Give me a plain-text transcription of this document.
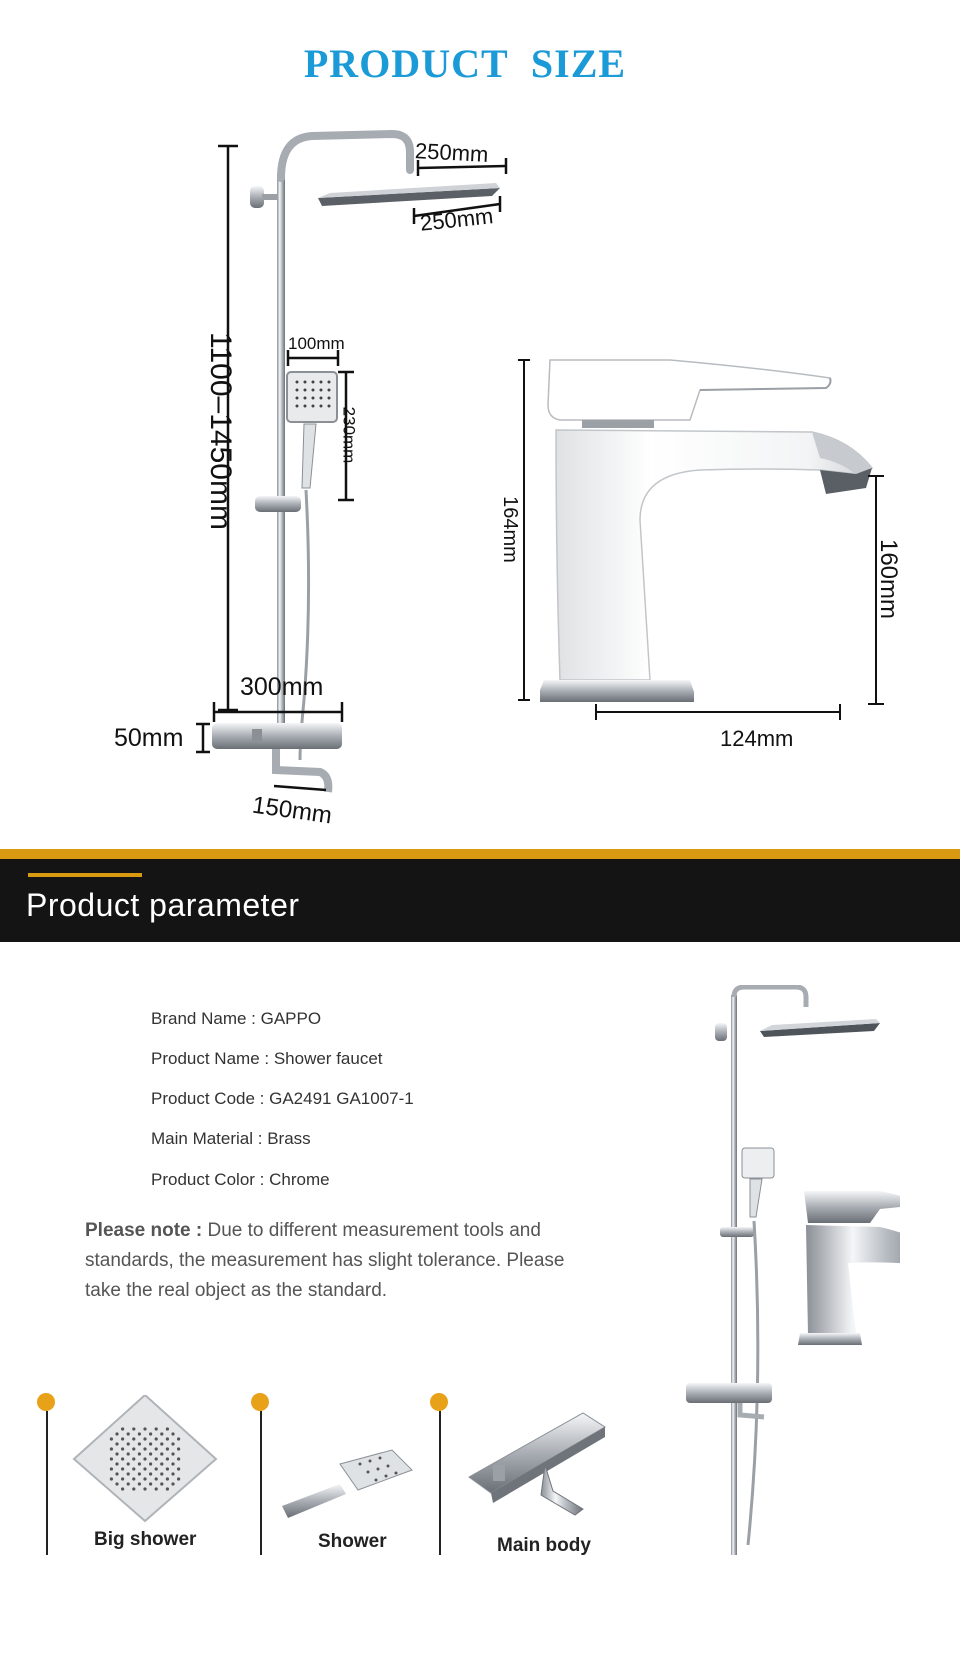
PRODUCT SIZE
1100–1450mm
250mm
250mm
100mm
230mm
300mm
50mm
150mm
164mm
160mm
124mm
Product parameter
Brand Name : GAPPO
Product Name : Shower faucet
Product Code : GA2491 GA1007-1
Main Material : Brass
Product Color : Chrome
Please note : Due to different measurement tools and standards, the measurement has slight tolerance. Please take the real object as the standard.
Big shower	Shower	Main body
